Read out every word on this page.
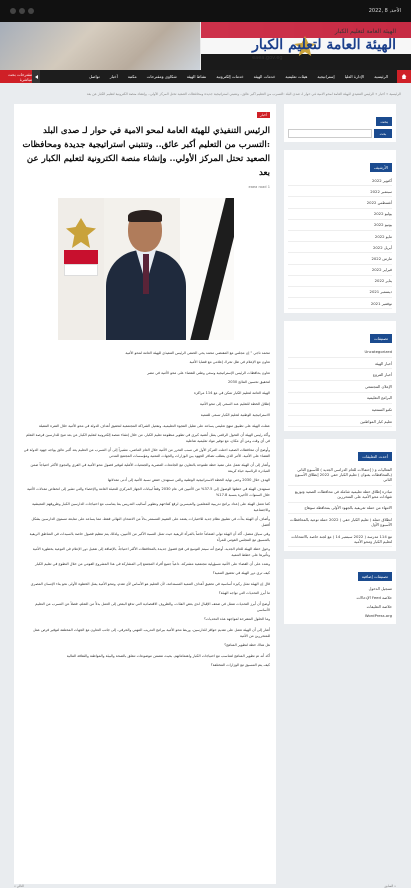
الأحد, 8 ,2022
الهيئة العامة لتعليم الكبار
الهيئة العامة لتعليم الكبار
eaea.gov.eg
الرئيسية
الإدارة العليا
إستراتيجية
هيئات تعليمية
خدمات الهيئة
خدمات إلكترونية
نشاط الهيئة
شكاوى ومقترحات
مكتبة
أخبار
تواصل
مقترحات بحث مباشرة
الرئيسية » أخبار » الرئيس التنفيذي للهيئة العامة لمحو الامية في حوار لـ صدى البلد :التسرب من التعليم أكبر عائق.. وتنتبني استراتيجية جديدة ومحافظات الصعيد تحتل المركز الأولي.. وإنشاء منصة الكترونية لتعليم الكبار عن بعد
أخبار
الرئيس التنفيذي للهيئة العامة لمحو الامية في حوار لـ صدى البلد :التسرب من التعليم أكبر عائق.. وتنتبني استراتيجية جديدة ومحافظات الصعيد تحتل المركز الأولي.. وإنشاء منصة الكترونية لتعليم الكبار عن بعد
eaea road 1

محمد ناجي " إن مجلس مع المقتضي محمد يحي الحنفي الرئيس التنفيذي للهيئة العامة لمحو الأمية

تعاون مع الإعلام في ظل تحرك إعلامي مع قضايا الأمية

تعاون بحافظات الرئيس الإستراتيجية وسعي وطني للقضاء على محو الأمية في مصر

لتحقيق تحسين النتائج 2030

الهيئة العامة لتعليم الكبار تمكن في مع 114 مراكزة

إطلاق الخطة للتعليم عند السعي إلى محو الأمية

الاستراتيجية الوطنية لتعليم الكبار تسعى للتنمية

عملت الهيئة على تطبيق منهج تعليمي يساعد على تقليل الفجوة التعليمية، وتفعيل الشراكة المجتمعية لتحقيق أهداف الدولة في محو الأمية خلال الفترة المقبلة

وأكد رئيس الهيئة أن التحول الرقمي يمثل أهمية كبرى في تطوير منظومة تعليم الكبار، من خلال إنشاء منصة إلكترونية لتعليم الكبار عن بعد تتيح للدارسين فرصة التعلم في أي وقت ومن أي مكان، مع توفير مواد تعليمية تفاعلية

وأوضح أن محافظات الصعيد احتلت المركز الأول في نسب التحرر من الأمية خلال العام الماضي، مشيراً إلى أن التسرب من التعليم يعد أكبر عائق يواجه جهود الدولة في القضاء على الأمية، الأمر الذي يتطلب تضافر الجهود بين الوزارات والجهات المعنية ومؤسسات المجتمع المدني

وأشار إلى أن الهيئة تعمل على تنفيذ خطة طموحة بالتعاون مع الجامعات المصرية والجمعيات الأهلية لتوفير فصول محو الأمية في القرى والنجوع الأكثر احتياجاً ضمن المبادرة الرئاسية حياة كريمة

الهدف خلال 2030 وحتى نهاية الخطة الاستراتيجية الوطنية والتي تستهدف خفض نسبة الأمية إلى أدنى معدلاتها

تستهدف الهيئة في خطتها الوصول إلى 37.5% من الأميين في عام 2030 وفقاً لبيانات الجهاز المركزي للتعبئة العامة والإحصاء والتي تشير إلى انخفاض معدلات الأمية خلال السنوات الأخيرة بنسبة 17.8%

كما تعمل الهيئة على إعداد برامج تدريبية للمعلمين والميسرين لرفع كفاءتهم وتطوير أساليب التدريس بما يتناسب مع احتياجات الدارسين الكبار وظروفهم المعيشية والاجتماعية

وأضاف أن الهيئة بدأت في تطبيق نظام جديد للاختبارات يعتمد على التقييم المستمر بدلاً من الامتحان النهائي فقط، مما يساعد على متابعة مستوى الدارسين بشكل أفضل

وفي سياق متصل، أكد أن الهيئة تولي اهتماماً خاصاً بالمرأة الريفية حيث تمثل النسبة الأكبر من الأميين، ولذلك يتم تنظيم فصول خاصة بالسيدات في المناطق الريفية بالتنسيق مع المجلس القومي للمرأة

وحول خطة الهيئة للعام الجديد، أوضح أنه سيتم التوسع في فتح فصول جديدة بالمحافظات الأكثر احتياجاً، بالإضافة إلى تفعيل دور الإعلام في التوعية بخطورة الأمية وتأثيرها على خطط التنمية

وشدد على أن القضاء على الأمية مسؤولية مجتمعية مشتركة، داعياً جميع أفراد المجتمع إلى المشاركة في هذا المشروع القومي من خلال التطوع في تعليم الكبار

كيف ترى دور الهيئة في تحقيق التنمية؟

قال إن الهيئة تمثل ركيزة أساسية في تحقيق أهداف التنمية المستدامة، لأن التعليم هو الأساس لأي تقدم، ومحو الأمية يمثل الخطوة الأولى نحو بناء الإنسان المصري

ما أبرز التحديات التي تواجه الهيئة؟

أوضح أن أبرز التحديات تتمثل في ضعف الإقبال لدى بعض الفئات، والظروف الاقتصادية التي تدفع البعض إلى العمل بدلاً من التعلم، فضلاً عن التسرب من التعليم الأساسي

وما الحلول المقترحة لمواجهة هذه التحديات؟

أشار إلى أن الهيئة تعمل على تقديم حوافز للدارسين، وربط محو الأمية ببرامج التدريب المهني والحرفي، إلى جانب التعاون مع الجهات المختلفة لتوفير فرص عمل للمتحررين من الأمية

هل هناك خطة لتطوير المناهج؟

أكد أنه تم تطوير المناهج لتتناسب مع احتياجات الكبار واهتماماتهم، بحيث تتضمن موضوعات تتعلق بالصحة والبيئة والمواطنة والثقافة المالية

كيف يتم التنسيق مع الوزارات المختلفة؟

بحث
بحث
الأرشيف
أكتوبر 2022
سبتمبر 2022
أغسطس 2022
يوليو 2022
يونيو 2022
مايو 2022
أبريل 2022
مارس 2022
فبراير 2022
يناير 2022
ديسمبر 2021
نوفمبر 2021
تصنيفات
Uncategorized
أخبار الهيئة
أخبار الفروع
الإعلان المجتمعي
البرامج التعليمية
تكنو السمعية
تعليم كبار المواطنين
أحدث التعليقات
الفعاليات و ( إحتفالات للعام الدراسي الجديد ) للأسبوع الثاني (بالمحافظات بعنوان ) تعليم الكبار حقي 2022 إنطلاق الأسبوع الثاني
مبادرة إطلاق خطة تعليمية شاملة في محافظات الصعيد وتوزيع شهادات محو الأمية على المتحررين
الانتهاء من حملة تعريفية بالجهود الأولى بمحافظة سوهاج
انطلاق حملة ( تعليم الكبار حقي ) 2022 حملة توعية بالمحافظات الأسبوع الأول
مع 114 مدرسة ( 2022 سبتمبر 14 ) مع لجنة خاصة بالامتحانات لتعليم الكبار ومحو الأمية
تصنيفات إضافية
تسجيل الدخول
خلاصة Feed الإدخالات
خلاصة التعليقات
WordPress.org
« السابق
التالي »
